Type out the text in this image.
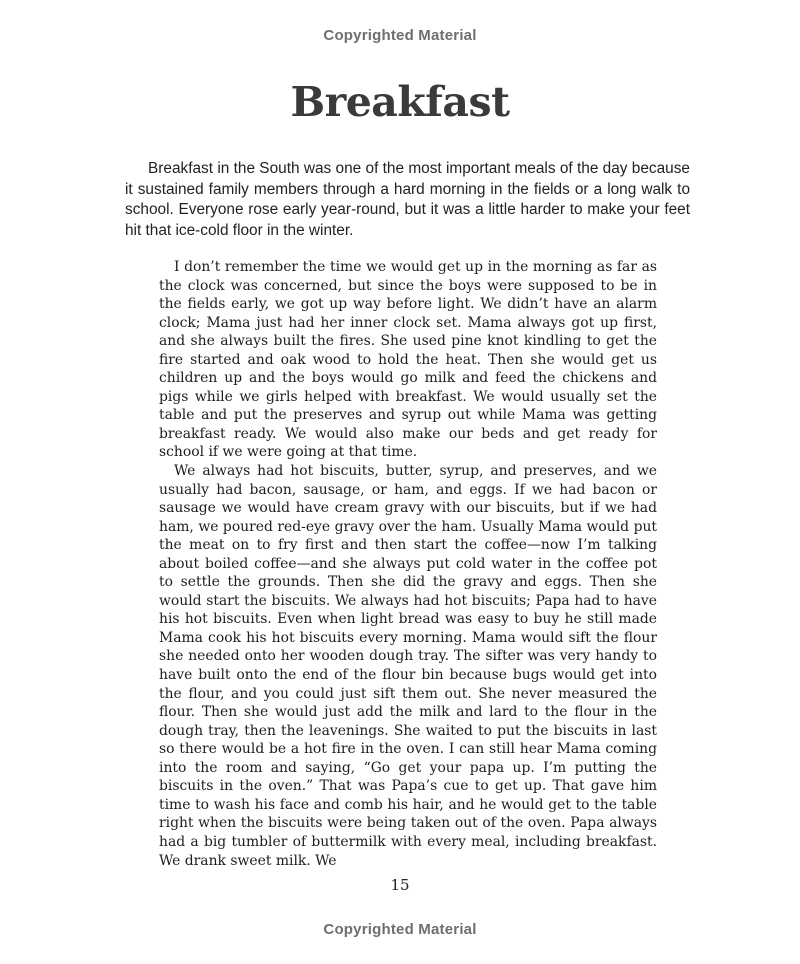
Copyrighted Material
Breakfast

Breakfast in the South was one of the most important meals of the day because it sustained family members through a hard morning in the fields or a long walk to school. Everyone rose early year-round, but it was a little harder to make your feet hit that ice-cold floor in the winter.

I don’t remember the time we would get up in the morning as far as the clock was concerned, but since the boys were supposed to be in the fields early, we got up way before light. We didn’t have an alarm clock; Mama just had her inner clock set. Mama always got up first, and she always built the fires. She used pine knot kindling to get the fire started and oak wood to hold the heat. Then she would get us children up and the boys would go milk and feed the chickens and pigs while we girls helped with breakfast. We would usually set the table and put the preserves and syrup out while Mama was getting breakfast ready. We would also make our beds and get ready for school if we were going at that time.

We always had hot biscuits, butter, syrup, and preserves, and we usually had bacon, sausage, or ham, and eggs. If we had bacon or sausage we would have cream gravy with our biscuits, but if we had ham, we poured red-eye gravy over the ham. Usually Mama would put the meat on to fry first and then start the coffee—now I’m talking about boiled coffee—and she always put cold water in the coffee pot to settle the grounds. Then she did the gravy and eggs. Then she would start the biscuits. We always had hot biscuits; Papa had to have his hot biscuits. Even when light bread was easy to buy he still made Mama cook his hot biscuits every morning. Mama would sift the flour she needed onto her wooden dough tray. The sifter was very handy to have built onto the end of the flour bin because bugs would get into the flour, and you could just sift them out. She never measured the flour. Then she would just add the milk and lard to the flour in the dough tray, then the leavenings. She waited to put the biscuits in last so there would be a hot fire in the oven. I can still hear Mama coming into the room and saying, “Go get your papa up. I’m putting the biscuits in the oven.” That was Papa’s cue to get up. That gave him time to wash his face and comb his hair, and he would get to the table right when the biscuits were being taken out of the oven. Papa always had a big tumbler of buttermilk with every meal, including breakfast. We drank sweet milk. We

15
Copyrighted Material
